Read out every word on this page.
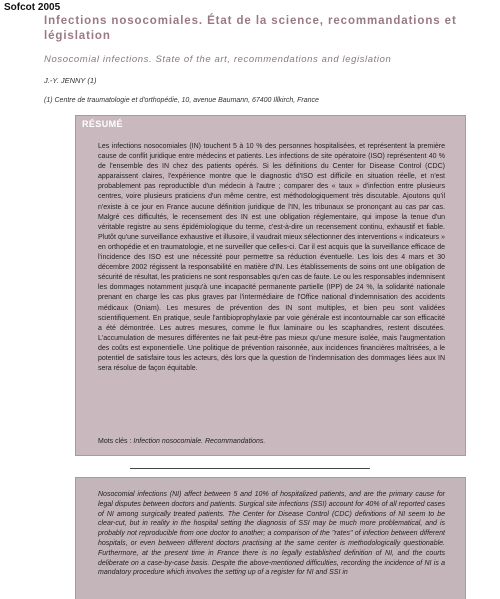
Sofcot 2005
Infections nosocomiales. État de la science, recommandations et législation
Nosocomial infections. State of the art, recommendations and legislation
J.-Y. JENNY (1)
(1) Centre de traumatologie et d'orthopédie, 10, avenue Baumann, 67400 Illkirch, France
RÉSUMÉ

Les infections nosocomiales (IN) touchent 5 à 10 % des personnes hospitalisées, et représentent la première cause de conflit juridique entre médecins et patients. Les infections de site opératoire (ISO) représentent 40 % de l'ensemble des IN chez des patients opérés. Si les définitions du Center for Disease Control (CDC) apparaissent claires, l'expérience montre que le diagnostic d'ISO est difficile en situation réelle, et n'est probablement pas reproductible d'un médecin à l'autre ; comparer des « taux » d'infection entre plusieurs centres, voire plusieurs praticiens d'un même centre, est méthodologiquement très discutable. Ajoutons qu'il n'existe à ce jour en France aucune définition juridique de l'IN, les tribunaux se prononçant au cas par cas. Malgré ces difficultés, le recensement des IN est une obligation réglementaire, qui impose la tenue d'un véritable registre au sens épidémiologique du terme, c'est-à-dire un recensement continu, exhaustif et fiable. Plutôt qu'une surveillance exhaustive et illusoire, il vaudrait mieux sélectionner des interventions « indicateurs » en orthopédie et en traumatologie, et ne surveiller que celles-ci. Car il est acquis que la surveillance efficace de l'incidence des ISO est une nécessité pour permettre sa réduction éventuelle. Les lois des 4 mars et 30 décembre 2002 régissent la responsabilité en matière d'IN. Les établissements de soins ont une obligation de sécurité de résultat, les praticiens ne sont responsables qu'en cas de faute. Le ou les responsables indemnisent les dommages notamment jusqu'à une incapacité permanente partielle (IPP) de 24 %, la solidarité nationale prenant en charge les cas plus graves par l'intermédiaire de l'Office national d'indemnisation des accidents médicaux (Oniam). Les mesures de prévention des IN sont multiples, et bien peu sont validées scientifiquement. En pratique, seule l'antibioprophylaxie par voie générale est incontournable car son efficacité a été démontrée. Les autres mesures, comme le flux laminaire ou les scaphandres, restent discutées. L'accumulation de mesures différentes ne fait peut-être pas mieux qu'une mesure isolée, mais l'augmentation des coûts est exponentielle. Une politique de prévention raisonnée, aux incidences financières maîtrisées, a le potentiel de satisfaire tous les acteurs, dès lors que la question de l'indemnisation des dommages liées aux IN sera résolue de façon équitable.

Mots clés : Infection nosocomiale. Recommandations.

Nosocomial infections (NI) affect between 5 and 10% of hospitalized patients, and are the primary cause for legal disputes between doctors and patients. Surgical site infections (SSI) account for 40% of all reported cases of NI among surgically treated patients. The Center for Disease Control (CDC) definitions of NI seem to be clear-cut, but in reality in the hospital setting the diagnosis of SSI may be much more problematical, and is probably not reproducible from one doctor to another; a comparison of the "rates" of infection between different hospitals, or even between different doctors practising at the same center is methodologically questionable. Furthermore, at the present time in France there is no legally established definition of NI, and the courts deliberate on a case-by-case basis. Despite the above-mentioned difficulties, recording the incidence of NI is a mandatory procedure which involves the setting up of a register for NI and SSI in
